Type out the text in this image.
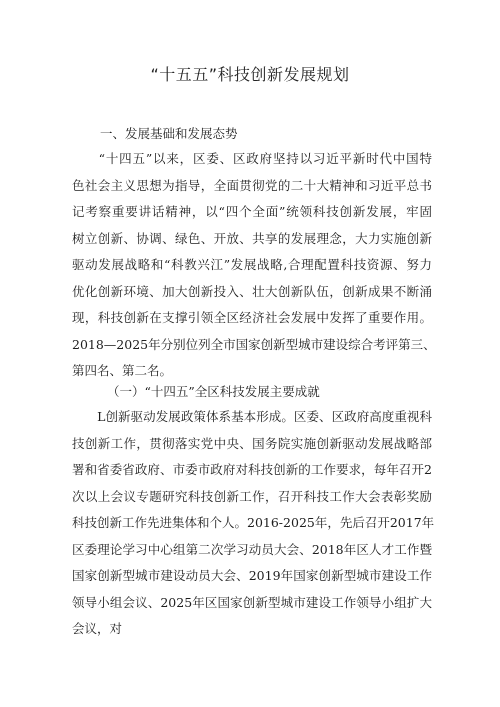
“十五五”科技创新发展规划
一、发展基础和发展态势
　　“十四五”以来，区委、区政府坚持以习近平新时代中国特
色社会主义思想为指导，全面贯彻党的二十大精神和习近平总书
记考察重要讲话精神，以“四个全面”统领科技创新发展，牢固
树立创新、协调、绿色、开放、共享的发展理念，大力实施创新
驱动发展战略和“科教兴江”发展战略,合理配置科技资源、努力
优化创新环境、加大创新投入、壮大创新队伍，创新成果不断涌
现，科技创新在支撑引领全区经济社会发展中发挥了重要作用。
2018—2025年分别位列全市国家创新型城市建设综合考评第三、
第四名、第二名。
（一）“十四五”全区科技发展主要成就
　　L创新驱动发展政策体系基本形成。区委、区政府高度重视科
技创新工作，贯彻落实党中央、国务院实施创新驱动发展战略部
署和省委省政府、市委市政府对科技创新的工作要求，每年召开2
次以上会议专题研究科技创新工作，召开科技工作大会表彰奖励
科技创新工作先进集体和个人。2016-2025年，先后召开2017年
区委理论学习中心组第二次学习动员大会、2018年区人才工作暨
国家创新型城市建设动员大会、2019年国家创新型城市建设工作
领导小组会议、2025年区国家创新型城市建设工作领导小组扩大
会议，对
